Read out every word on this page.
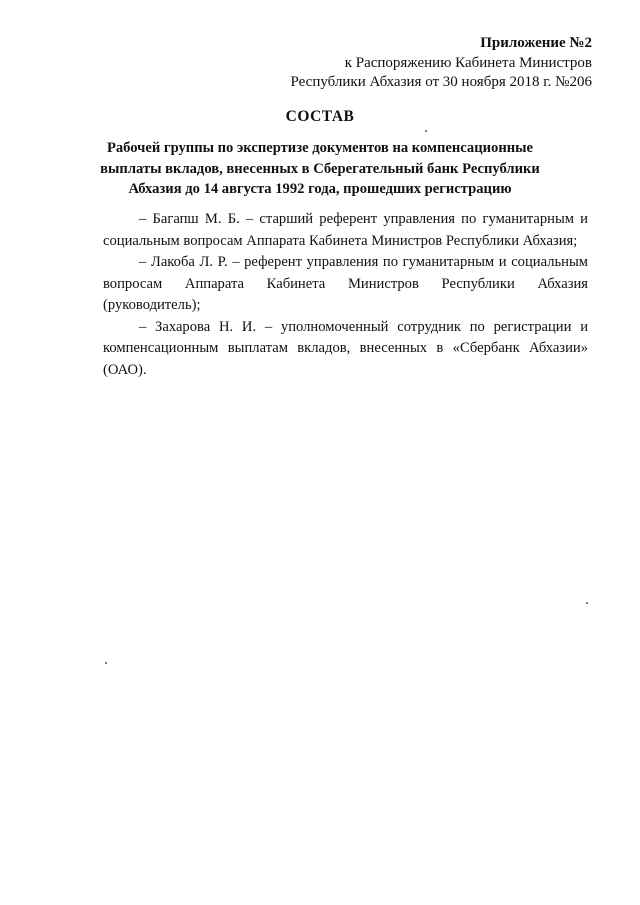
Приложение №2
к Распоряжению Кабинета Министров
Республики Абхазия от 30 ноября 2018 г. №206
СОСТАВ
Рабочей группы по экспертизе документов на компенсационные выплаты вкладов, внесенных в Сберегательный банк Республики Абхазия до 14 августа 1992 года, прошедших регистрацию

– Багапш М. Б. – старший референт управления по гуманитарным и социальным вопросам Аппарата Кабинета Министров Республики Абхазия;

– Лакоба Л. Р. – референт управления по гуманитарным и социальным вопросам Аппарата Кабинета Министров Республики Абхазия (руководитель);

– Захарова Н. И. – уполномоченный сотрудник по регистрации и компенсационным выплатам вкладов, внесенных в «Сбербанк Абхазии» (ОАО).
